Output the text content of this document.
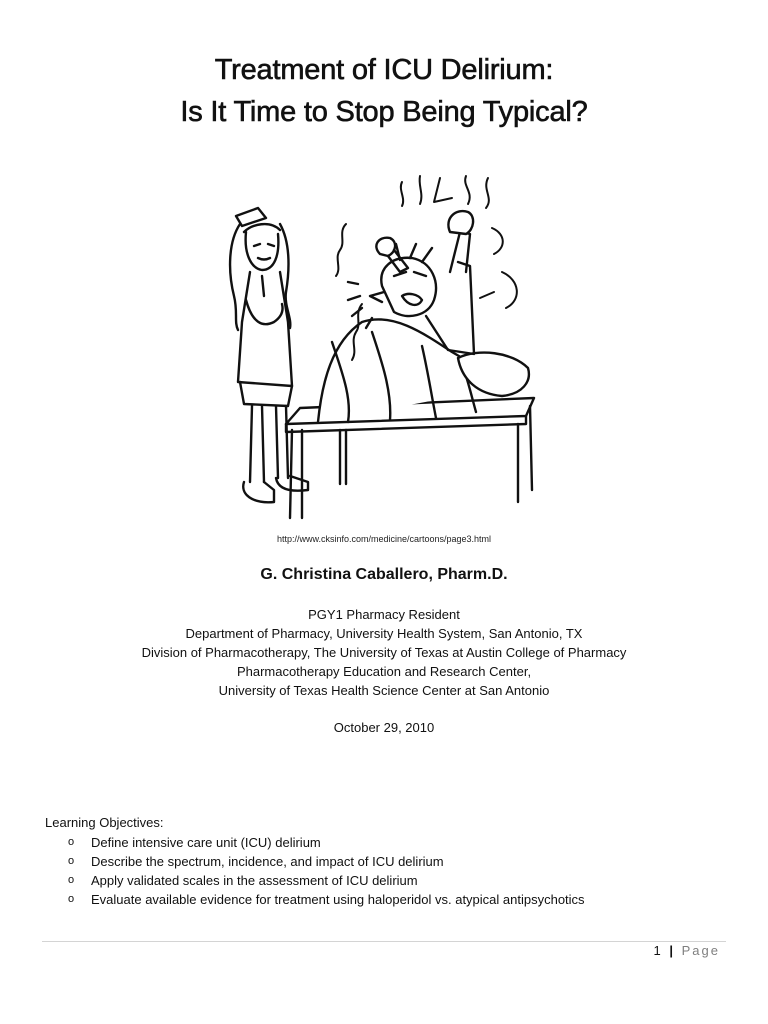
Treatment of ICU Delirium:
Is It Time to Stop Being Typical?
http://www.cksinfo.com/medicine/cartoons/page3.html
G. Christina Caballero, Pharm.D.
PGY1 Pharmacy Resident
Department of Pharmacy, University Health System, San Antonio, TX
Division of Pharmacotherapy, The University of Texas at Austin College of Pharmacy
Pharmacotherapy Education and Research Center,
University of Texas Health Science Center at San Antonio
October 29, 2010
Learning Objectives:
o Define intensive care unit (ICU) delirium
o Describe the spectrum, incidence, and impact of ICU delirium
o Apply validated scales in the assessment of ICU delirium
o Evaluate available evidence for treatment using haloperidol vs. atypical antipsychotics
1 | Page
